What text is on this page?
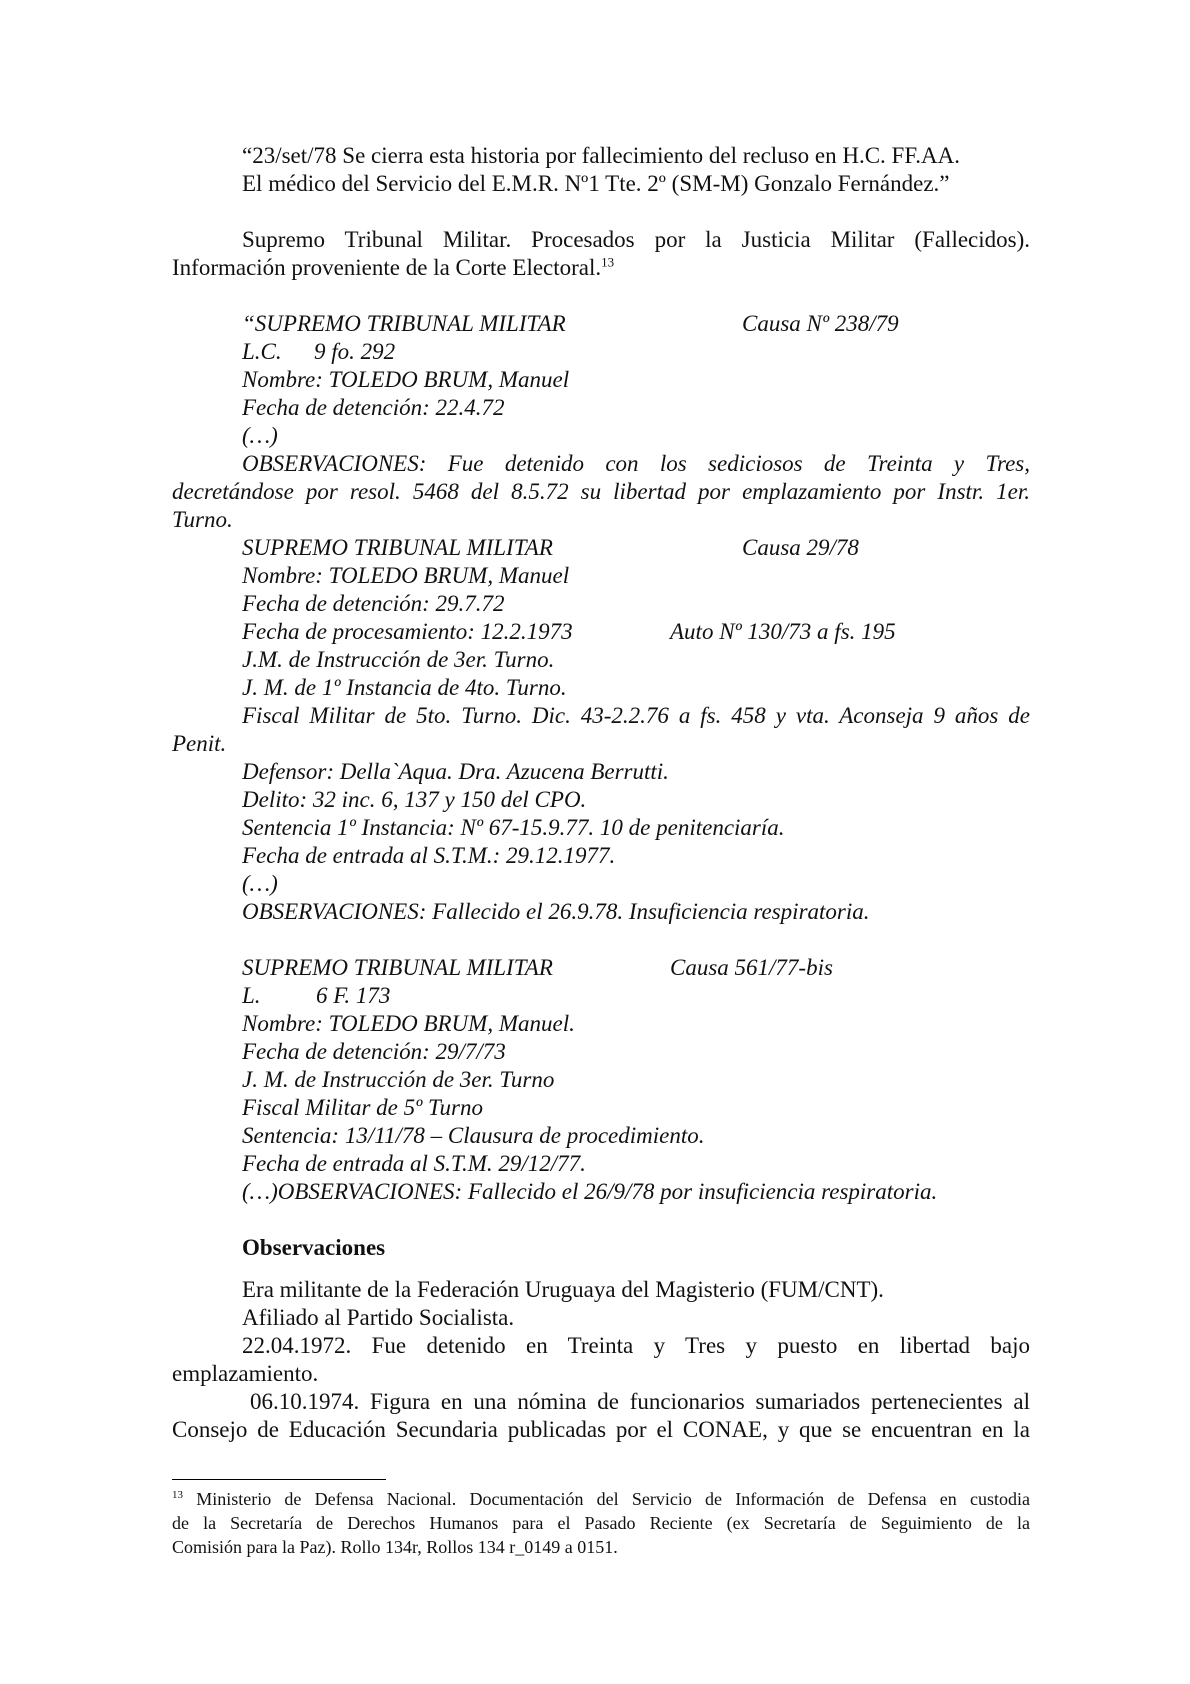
“23/set/78 Se cierra esta historia por fallecimiento del recluso en H.C. FF.AA.
El médico del Servicio del E.M.R. Nº1 Tte. 2º (SM-M) Gonzalo Fernández.”
Supremo Tribunal Militar. Procesados por la Justicia Militar (Fallecidos).
Información proveniente de la Corte Electoral.$^{13}$
“SUPREMO TRIBUNAL MILITAR	Causa Nº 238/79
L.C. 9 fo. 292
Nombre: TOLEDO BRUM, Manuel
Fecha de detención: 22.4.72
(…)
OBSERVACIONES: Fue detenido con los sediciosos de Treinta y Tres,
decretándose por resol. 5468 del 8.5.72 su libertad por emplazamiento por Instr. 1er.
Turno.
SUPREMO TRIBUNAL MILITAR	Causa 29/78
Nombre: TOLEDO BRUM, Manuel
Fecha de detención: 29.7.72
Fecha de procesamiento: 12.2.1973	Auto Nº 130/73 a fs. 195
J.M. de Instrucción de 3er. Turno.
J. M. de 1º Instancia de 4to. Turno.
Fiscal Militar de 5to. Turno. Dic. 43-2.2.76 a fs. 458 y vta. Aconseja 9 años de
Penit.
Defensor: Della`Aqua. Dra. Azucena Berrutti.
Delito: 32 inc. 6, 137 y 150 del CPO.
Sentencia 1º Instancia: Nº 67-15.9.77. 10 de penitenciaría.
Fecha de entrada al S.T.M.: 29.12.1977.
(…)
OBSERVACIONES: Fallecido el 26.9.78. Insuficiencia respiratoria.
SUPREMO TRIBUNAL MILITAR	Causa 561/77-bis
L. 6 F. 173
Nombre: TOLEDO BRUM, Manuel.
Fecha de detención: 29/7/73
J. M. de Instrucción de 3er. Turno
Fiscal Militar de 5º Turno
Sentencia: 13/11/78 – Clausura de procedimiento.
Fecha de entrada al S.T.M. 29/12/77.
(…)OBSERVACIONES: Fallecido el 26/9/78 por insuficiencia respiratoria.
Observaciones
Era militante de la Federación Uruguaya del Magisterio (FUM/CNT).
Afiliado al Partido Socialista.
22.04.1972. Fue detenido en Treinta y Tres y puesto en libertad bajo
emplazamiento.
06.10.1974. Figura en una nómina de funcionarios sumariados pertenecientes al
Consejo de Educación Secundaria publicadas por el CONAE, y que se encuentran en la
$^{13}$ Ministerio de Defensa Nacional. Documentación del Servicio de Información de Defensa en custodia
de la Secretaría de Derechos Humanos para el Pasado Reciente (ex Secretaría de Seguimiento de la
Comisión para la Paz). Rollo 134r, Rollos 134 r_0149 a 0151.
